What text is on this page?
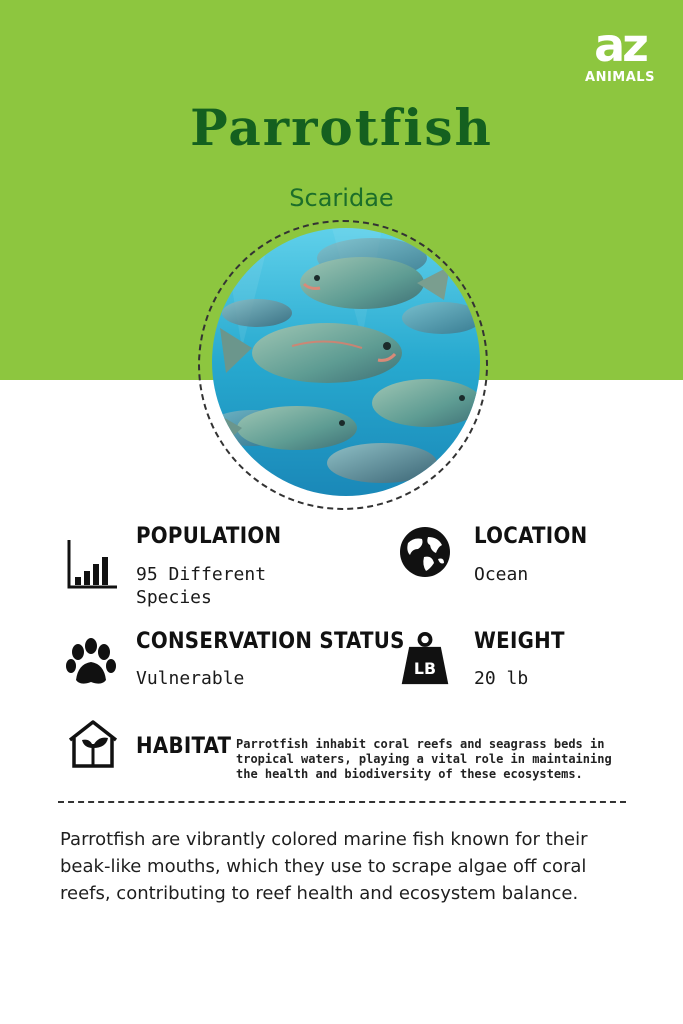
az
ANIMALS
Parrotfish

Scaridae

POPULATION
95 Different
Species
LOCATION
Ocean
CONSERVATION STATUS
Vulnerable	LB
WEIGHT
20 lb
HABITAT Parrotfish inhabit coral reefs and seagrass beds in tropical waters, playing a vital role in maintaining the health and biodiversity of these ecosystems.

Parrotfish are vibrantly colored marine fish known for their beak-like mouths, which they use to scrape algae off coral reefs, contributing to reef health and ecosystem balance.
